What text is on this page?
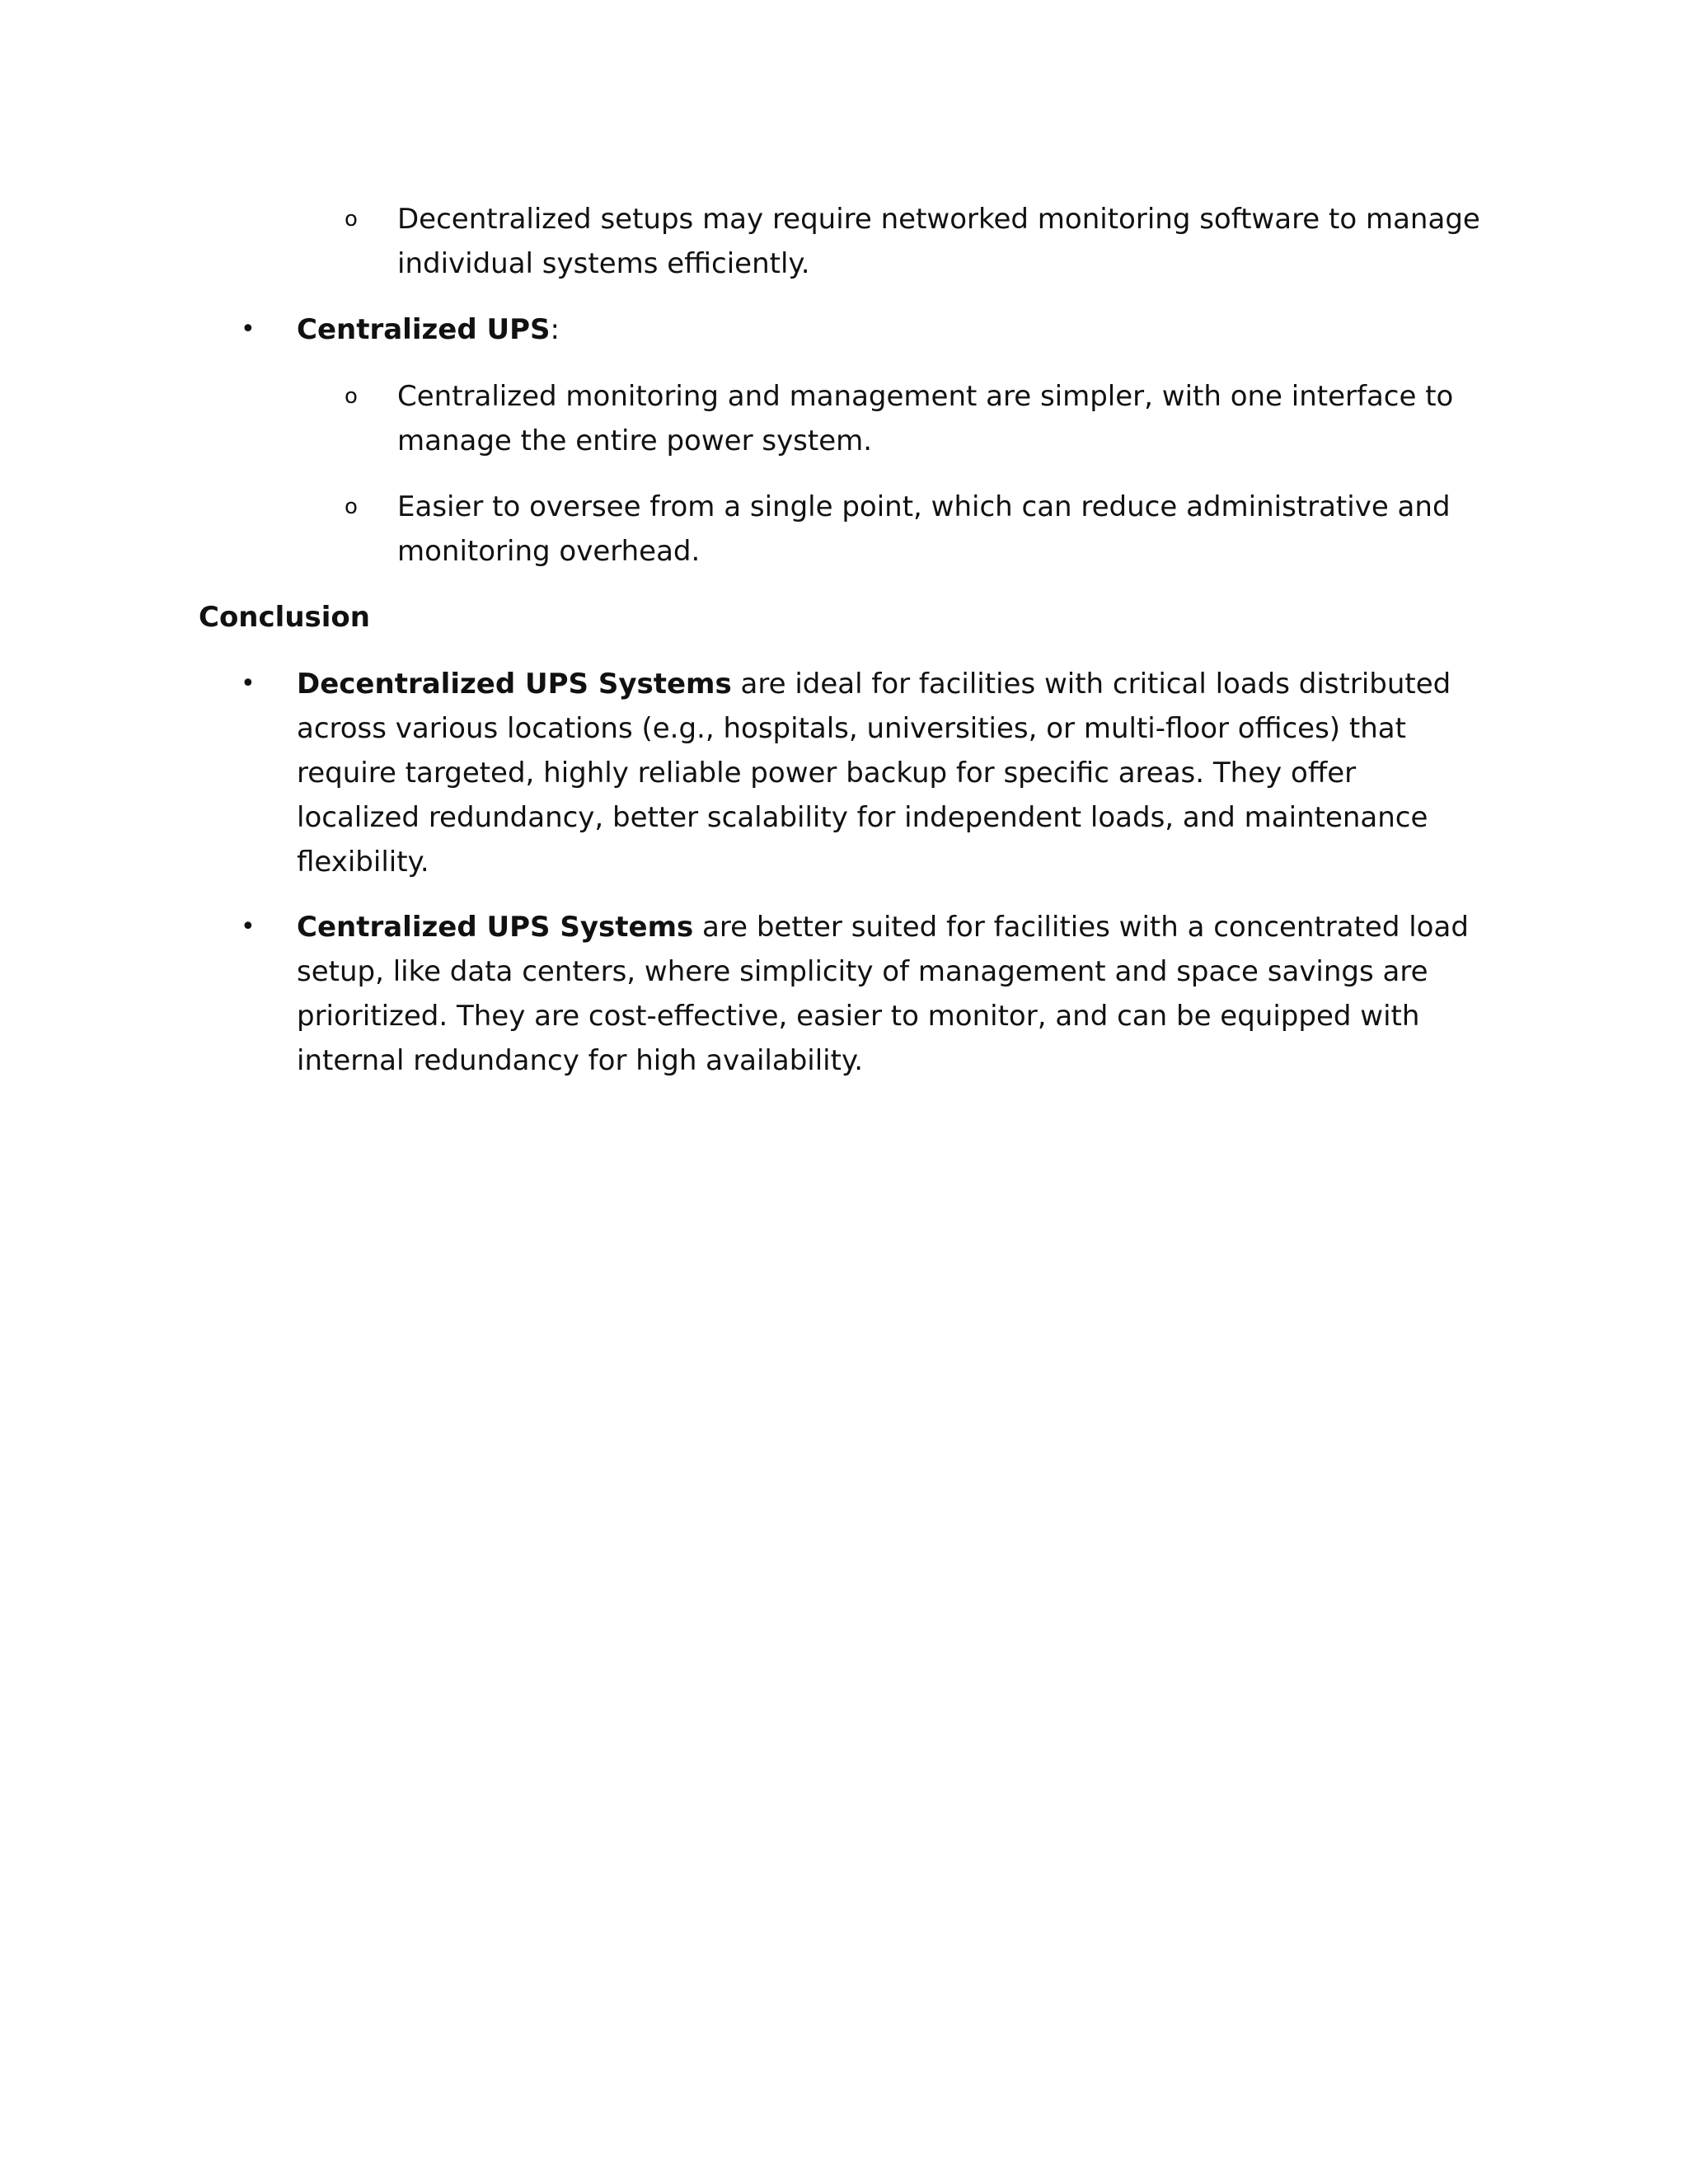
o Decentralized setups may require networked monitoring software to manage individual systems efficiently.
• Centralized UPS:
o Centralized monitoring and management are simpler, with one interface to manage the entire power system.
o Easier to oversee from a single point, which can reduce administrative and monitoring overhead.
Conclusion
• Decentralized UPS Systems are ideal for facilities with critical loads distributed across various locations (e.g., hospitals, universities, or multi-floor offices) that require targeted, highly reliable power backup for specific areas. They offer localized redundancy, better scalability for independent loads, and maintenance flexibility.
• Centralized UPS Systems are better suited for facilities with a concentrated load setup, like data centers, where simplicity of management and space savings are prioritized. They are cost-effective, easier to monitor, and can be equipped with internal redundancy for high availability.
